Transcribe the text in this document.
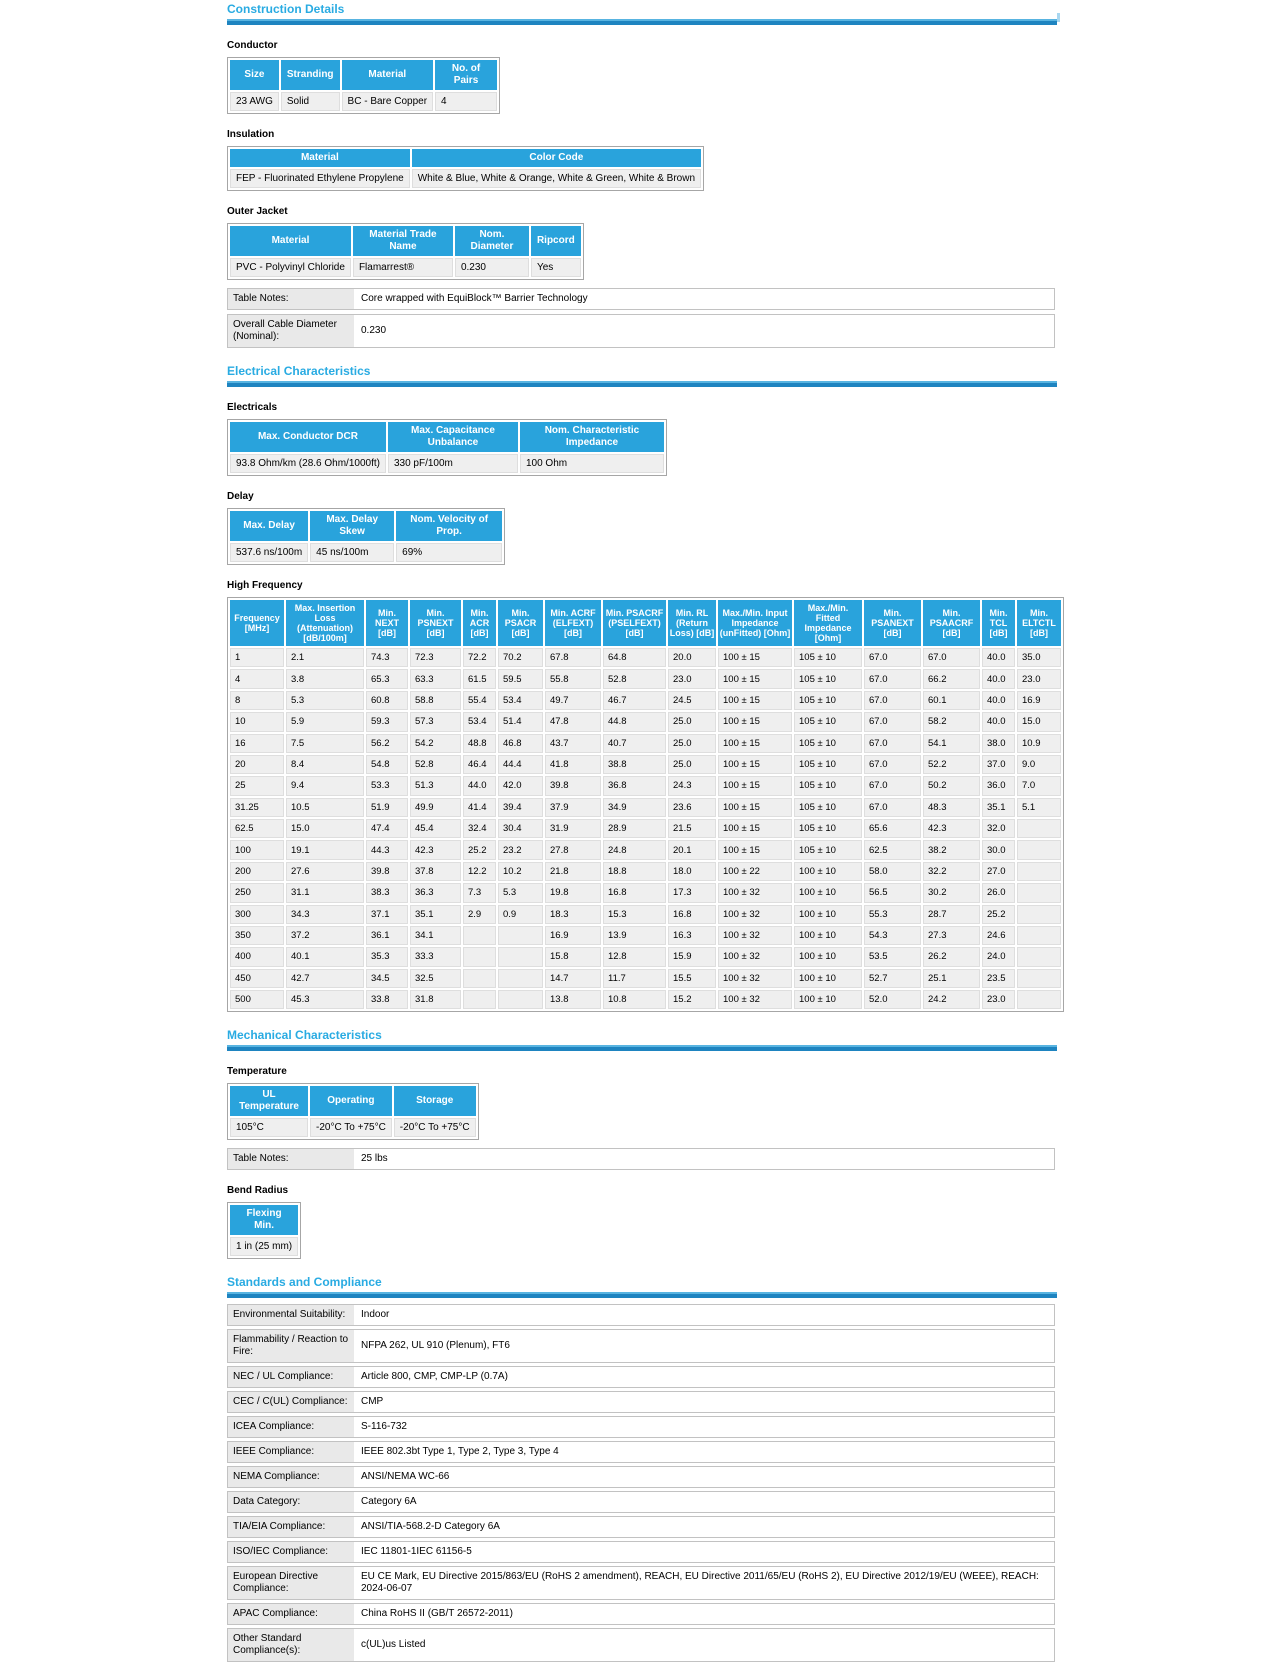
Construction Details
Conductor
Size	Stranding	Material	No. of Pairs
23 AWG	Solid	BC - Bare Copper	4
Insulation
Material	Color Code
FEP - Fluorinated Ethylene Propylene	White & Blue, White & Orange, White & Green, White & Brown
Outer Jacket
Material	Material Trade Name	Nom. Diameter	Ripcord
PVC - Polyvinyl Chloride	Flamarrest®	0.230	Yes
Table Notes:	Core wrapped with EquiBlock™ Barrier Technology
Overall Cable Diameter (Nominal):
0.230
Electrical Characteristics
Electricals
Max. Conductor DCR	Max. Capacitance Unbalance	Nom. Characteristic Impedance
93.8 Ohm/km (28.6 Ohm/1000ft)	330 pF/100m	100 Ohm
Delay
Max. Delay	Max. Delay Skew	Nom. Velocity of Prop.
537.6 ns/100m	45 ns/100m	69%
High Frequency
Frequency [MHz]	Max. Insertion Loss (Attenuation) [dB/100m]	Min. NEXT [dB]	Min. PSNEXT [dB]	Min. ACR [dB]	Min. PSACR [dB]	Min. ACRF (ELFEXT) [dB]	Min. PSACRF (PSELFEXT) [dB]	Min. RL (Return Loss) [dB]	Max./Min. Input Impedance (unFitted) [Ohm]	Max./Min. Fitted Impedance [Ohm]	Min. PSANEXT [dB]	Min. PSAACRF [dB]	Min. TCL [dB]	Min. ELTCTL [dB]
1	2.1	74.3	72.3	72.2	70.2	67.8	64.8	20.0	100 ± 15	105 ± 10	67.0	67.0	40.0	35.0
4	3.8	65.3	63.3	61.5	59.5	55.8	52.8	23.0	100 ± 15	105 ± 10	67.0	66.2	40.0	23.0
8	5.3	60.8	58.8	55.4	53.4	49.7	46.7	24.5	100 ± 15	105 ± 10	67.0	60.1	40.0	16.9
10	5.9	59.3	57.3	53.4	51.4	47.8	44.8	25.0	100 ± 15	105 ± 10	67.0	58.2	40.0	15.0
16	7.5	56.2	54.2	48.8	46.8	43.7	40.7	25.0	100 ± 15	105 ± 10	67.0	54.1	38.0	10.9
20	8.4	54.8	52.8	46.4	44.4	41.8	38.8	25.0	100 ± 15	105 ± 10	67.0	52.2	37.0	9.0
25	9.4	53.3	51.3	44.0	42.0	39.8	36.8	24.3	100 ± 15	105 ± 10	67.0	50.2	36.0	7.0
31.25	10.5	51.9	49.9	41.4	39.4	37.9	34.9	23.6	100 ± 15	105 ± 10	67.0	48.3	35.1	5.1
62.5	15.0	47.4	45.4	32.4	30.4	31.9	28.9	21.5	100 ± 15	105 ± 10	65.6	42.3	32.0	
100	19.1	44.3	42.3	25.2	23.2	27.8	24.8	20.1	100 ± 15	105 ± 10	62.5	38.2	30.0	
200	27.6	39.8	37.8	12.2	10.2	21.8	18.8	18.0	100 ± 22	100 ± 10	58.0	32.2	27.0	
250	31.1	38.3	36.3	7.3	5.3	19.8	16.8	17.3	100 ± 32	100 ± 10	56.5	30.2	26.0	
300	34.3	37.1	35.1	2.9	0.9	18.3	15.3	16.8	100 ± 32	100 ± 10	55.3	28.7	25.2	
350	37.2	36.1	34.1			16.9	13.9	16.3	100 ± 32	100 ± 10	54.3	27.3	24.6	
400	40.1	35.3	33.3			15.8	12.8	15.9	100 ± 32	100 ± 10	53.5	26.2	24.0	
450	42.7	34.5	32.5			14.7	11.7	15.5	100 ± 32	100 ± 10	52.7	25.1	23.5	
500	45.3	33.8	31.8			13.8	10.8	15.2	100 ± 32	100 ± 10	52.0	24.2	23.0	
Mechanical Characteristics
Temperature
UL Temperature	Operating	Storage
105°C	-20°C To +75°C	-20°C To +75°C
Table Notes:	25 lbs
Bend Radius
Flexing Min.
1 in (25 mm)
Standards and Compliance
Environmental Suitability:	Indoor
Flammability / Reaction to Fire:
NFPA 262, UL 910 (Plenum), FT6
NEC / UL Compliance:	Article 800, CMP, CMP-LP (0.7A)
CEC / C(UL) Compliance:	CMP
ICEA Compliance:	S-116-732
IEEE Compliance:	IEEE 802.3bt Type 1, Type 2, Type 3, Type 4
NEMA Compliance:	ANSI/NEMA WC-66
Data Category:	Category 6A
TIA/EIA Compliance:	ANSI/TIA-568.2-D Category 6A
ISO/IEC Compliance:	IEC 11801-1IEC 61156-5
European Directive Compliance:
EU CE Mark, EU Directive 2015/863/EU (RoHS 2 amendment), REACH, EU Directive 2011/65/EU (RoHS 2), EU Directive 2012/19/EU (WEEE), REACH: 2024-06-07
APAC Compliance:	China RoHS II (GB/T 26572-2011)
Other Standard Compliance(s):
c(UL)us Listed
